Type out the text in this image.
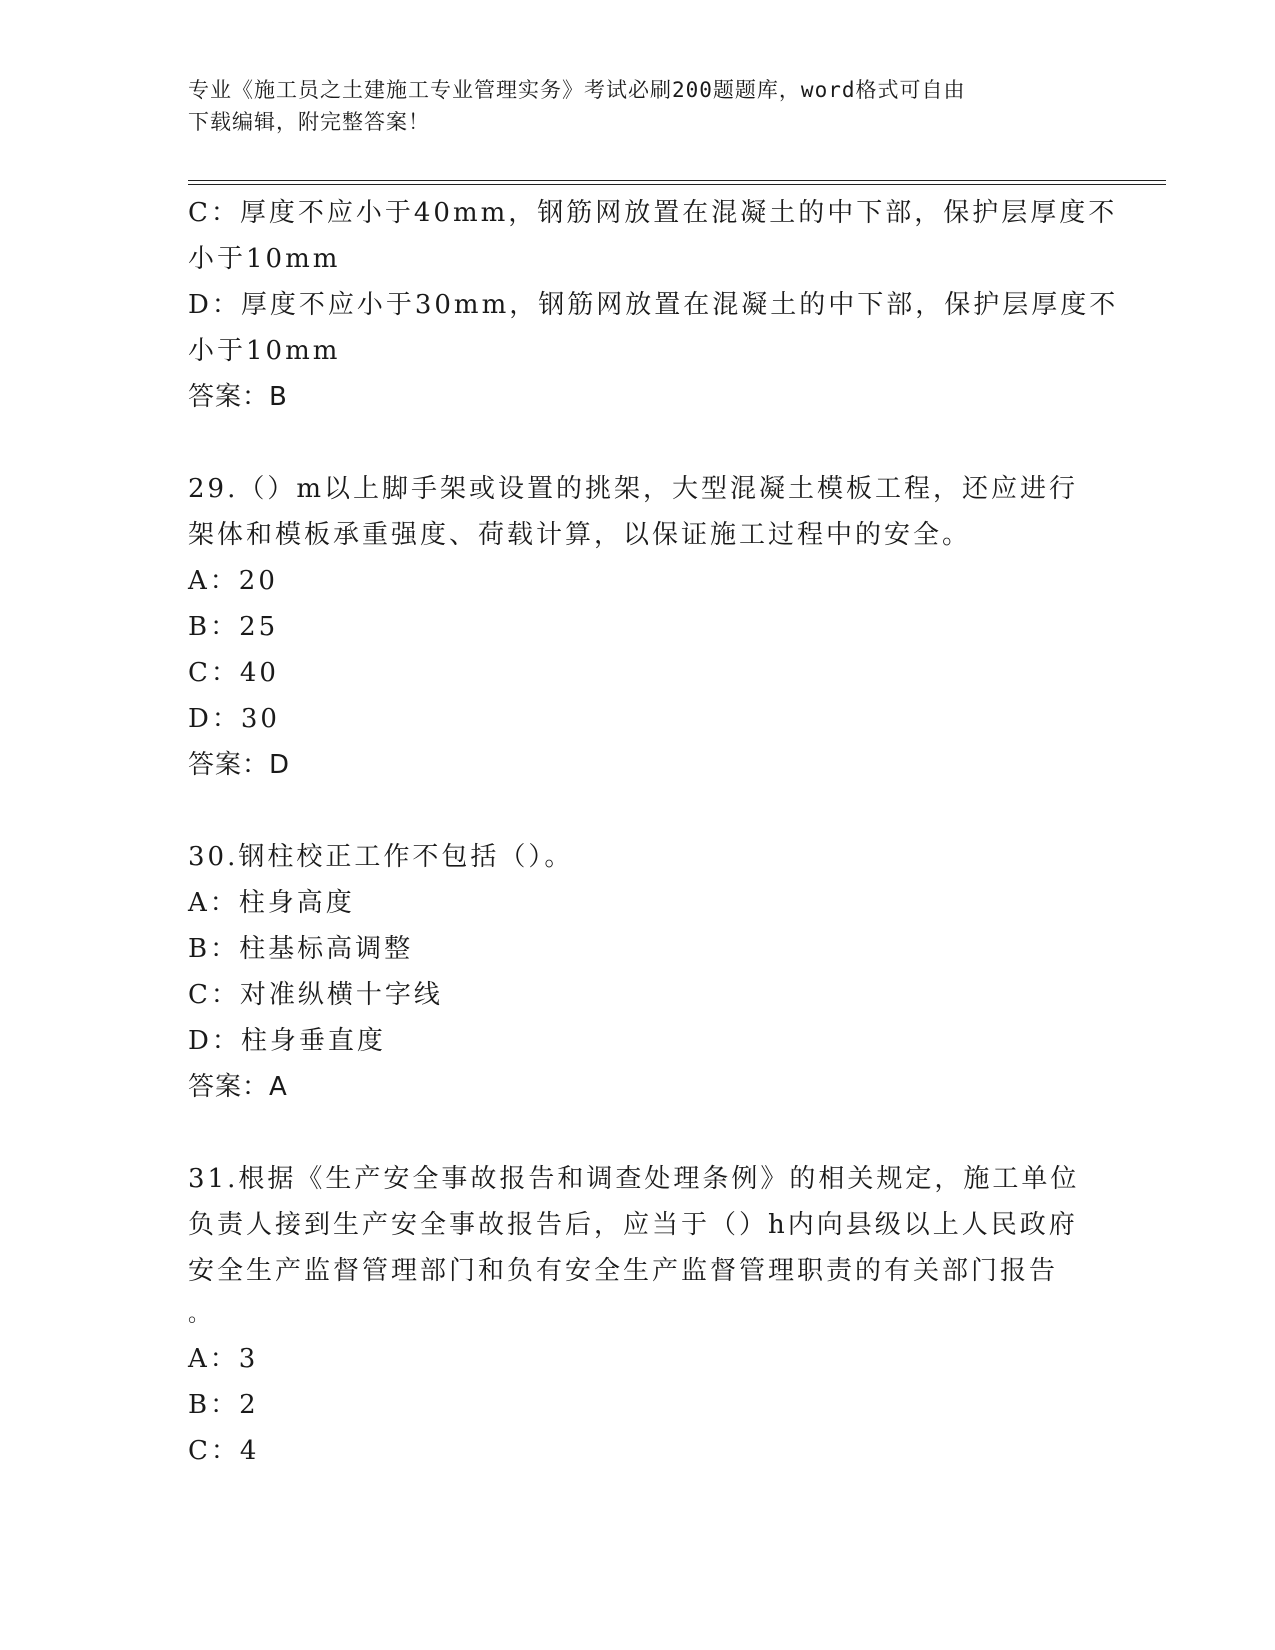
专业《施工员之土建施工专业管理实务》考试必刷200题题库，word格式可自由
下载编辑，附完整答案！
C：厚度不应小于40mm，钢筋网放置在混凝土的中下部，保护层厚度不
小于10mm
D：厚度不应小于30mm，钢筋网放置在混凝土的中下部，保护层厚度不
小于10mm
答案：B
29.（）m以上脚手架或设置的挑架，大型混凝土模板工程，还应进行
架体和模板承重强度、荷载计算，以保证施工过程中的安全。
A：20
B：25
C：40
D：30
答案：D
30.钢柱校正工作不包括（）。
A：柱身高度
B：柱基标高调整
C：对准纵横十字线
D：柱身垂直度
答案：A
31.根据《生产安全事故报告和调查处理条例》的相关规定，施工单位
负责人接到生产安全事故报告后，应当于（）h内向县级以上人民政府
安全生产监督管理部门和负有安全生产监督管理职责的有关部门报告
。
A：3
B：2
C：4
